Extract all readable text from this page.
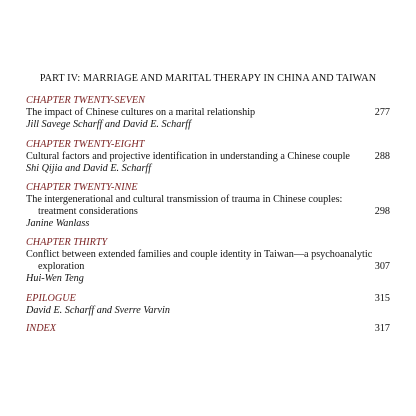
PART IV: MARRIAGE AND MARITAL THERAPY IN CHINA AND TAIWAN
CHAPTER TWENTY-SEVEN
The impact of Chinese cultures on a marital relationship
Jill Savege Scharff and David E. Scharff
277
CHAPTER TWENTY-EIGHT
Cultural factors and projective identification in understanding a Chinese couple
Shi Qijia and David E. Scharff
288
CHAPTER TWENTY-NINE
The intergenerational and cultural transmission of trauma in Chinese couples:
treatment considerations
Janine Wanlass
298
CHAPTER THIRTY
Conflict between extended families and couple identity in Taiwan—a psychoanalytic
exploration
Hui-Wen Teng
307
EPILOGUE
David E. Scharff and Sverre Varvin
315
INDEX	317
